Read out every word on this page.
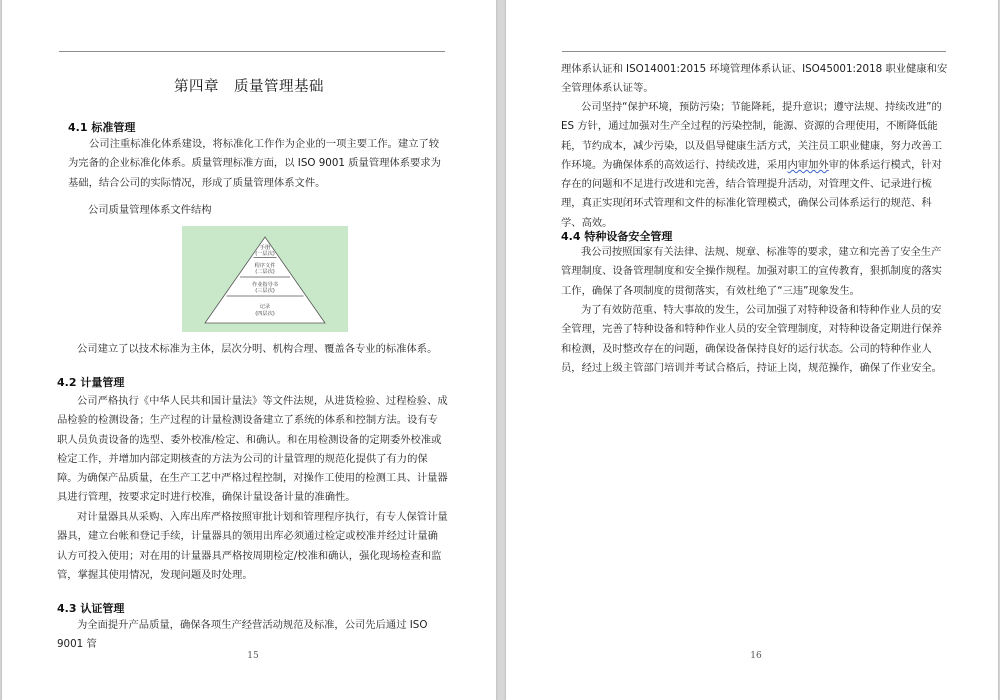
第四章　质量管理基础
4.1 标准管理
公司注重标准化体系建设，将标准化工作作为企业的一项主要工作。建立了较为完备的企业标准化体系。质量管理标准方面，以 ISO 9001 质量管理体系要求为基础，结合公司的实际情况，形成了质量管理体系文件。
公司质量管理体系文件结构
手册
(一层次)
程序文件
(二层次)
作业指导书
(三层次)
记录
(四层次)
公司建立了以技术标准为主体，层次分明、机构合理、覆盖各专业的标准体系。
4.2 计量管理
公司严格执行《中华人民共和国计量法》等文件法规，从进货检验、过程检验、成品检验的检测设备；生产过程的计量检测设备建立了系统的体系和控制方法。设有专职人员负责设备的选型、委外校准/检定、和确认。和在用检测设备的定期委外校准或检定工作，并增加内部定期核查的方法为公司的计量管理的规范化提供了有力的保障。 为确保产品质量，在生产工艺中严格过程控制，对操作工使用的检测工具、计量器具进行管理，按要求定时进行校准，确保计量设备计量的准确性。
对计量器具从采购、入库出库严格按照审批计划和管理程序执行，有专人保管计量器具，建立台帐和登记手续，计量器具的领用出库必须通过检定或校准并经过计量确认方可投入使用；对在用的计量器具严格按周期检定/校准和确认，强化现场检查和监管，掌握其使用情况，发现问题及时处理。
4.3 认证管理
为全面提升产品质量，确保各项生产经营活动规范及标准，公司先后通过 ISO 9001 管
15
理体系认证和 ISO14001:2015 环境管理体系认证、ISO45001:2018 职业健康和安全管理体系认证等。
公司坚持“保护环境，预防污染；节能降耗，提升意识；遵守法规、持续改进”的 ES 方针，通过加强对生产全过程的污染控制，能源、资源的合理使用，不断降低能耗，节约成本，减少污染，以及倡导健康生活方式，关注员工职业健康，努力改善工作环境。为确保体系的高效运行、持续改进，采用内审加外审的体系运行模式，针对存在的问题和不足进行改进和完善，结合管理提升活动，对管理文件、记录进行梳理，真正实现闭环式管理和文件的标准化管理模式，确保公司体系运行的规范、科学、高效。
4.4 特种设备安全管理
我公司按照国家有关法律、法规、规章、标准等的要求，建立和完善了安全生产管理制度、设备管理制度和安全操作规程。加强对职工的宣传教育，狠抓制度的落实工作，确保了各项制度的贯彻落实，有效杜绝了“三违”现象发生。
为了有效防范重、特大事故的发生，公司加强了对特种设备和特种作业人员的安全管理，完善了特种设备和特种作业人员的安全管理制度，对特种设备定期进行保养和检测，及时整改存在的问题，确保设备保持良好的运行状态。公司的特种作业人员，经过上级主管部门培训并考试合格后，持证上岗，规范操作，确保了作业安全。
16
